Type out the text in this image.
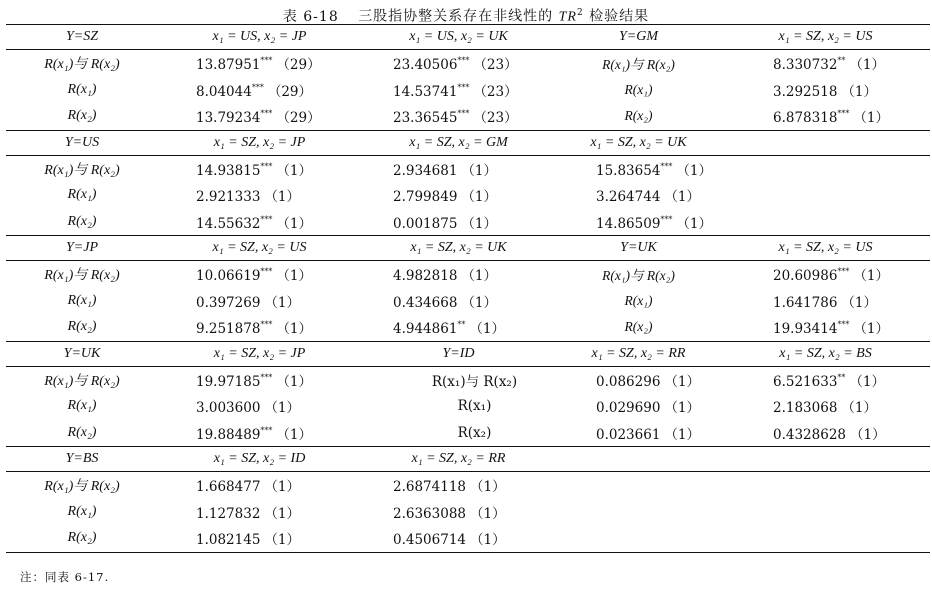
表 6-18 三股指协整关系存在非线性的 $TR^2$ 检验结果
Y=SZ	x₁ = US, x₂ = JP	x₁ = US, x₂ = UK	Y=GM	x₁ = SZ, x₂ = US
R(x₁)与 R(x₂)	13.87951*** （29）	23.40506*** （23）	R(x₁)与 R(x₂)	8.330732** （1）
R(x₁)	8.04044*** （29）	14.53741*** （23）	R(x₁)	3.292518 （1）
R(x₂)	13.79234*** （29）	23.36545*** （23）	R(x₂)	6.878318*** （1）
Y=US	x₁ = SZ, x₂ = JP	x₁ = SZ, x₂ = GM	x₁ = SZ, x₂ = UK
R(x₁)与 R(x₂)	14.93815*** （1）	2.934681 （1）	15.83654*** （1）
R(x₁)	2.921333 （1）	2.799849 （1）	3.264744 （1）
R(x₂)	14.55632*** （1）	0.001875 （1）	14.86509*** （1）
Y=JP	x₁ = SZ, x₂ = US	x₁ = SZ, x₂ = UK	Y=UK	x₁ = SZ, x₂ = US
R(x₁)与 R(x₂)	10.06619*** （1）	4.982818 （1）	R(x₁)与 R(x₂)	20.60986*** （1）
R(x₁)	0.397269 （1）	0.434668 （1）	R(x₁)	1.641786 （1）
R(x₂)	9.251878*** （1）	4.944861** （1）	R(x₂)	19.93414*** （1）
Y=UK	x₁ = SZ, x₂ = JP	Y=ID	x₁ = SZ, x₂ = RR	x₁ = SZ, x₂ = BS
R(x₁)与 R(x₂)	19.97185*** （1）	R(x₁)与 R(x₂)	0.086296 （1）	6.521633** （1）
R(x₁)	3.003600 （1）	R(x₁)	0.029690 （1）	2.183068 （1）
R(x₂)	19.88489*** （1）	R(x₂)	0.023661 （1）	0.4328628 （1）
Y=BS	x₁ = SZ, x₂ = ID	x₁ = SZ, x₂ = RR
R(x₁)与 R(x₂)	1.668477 （1）	2.6874118 （1）
R(x₁)	1.127832 （1）	2.6363088 （1）
R(x₂)	1.082145 （1）	0.4506714 （1）
注：同表 6-17.
